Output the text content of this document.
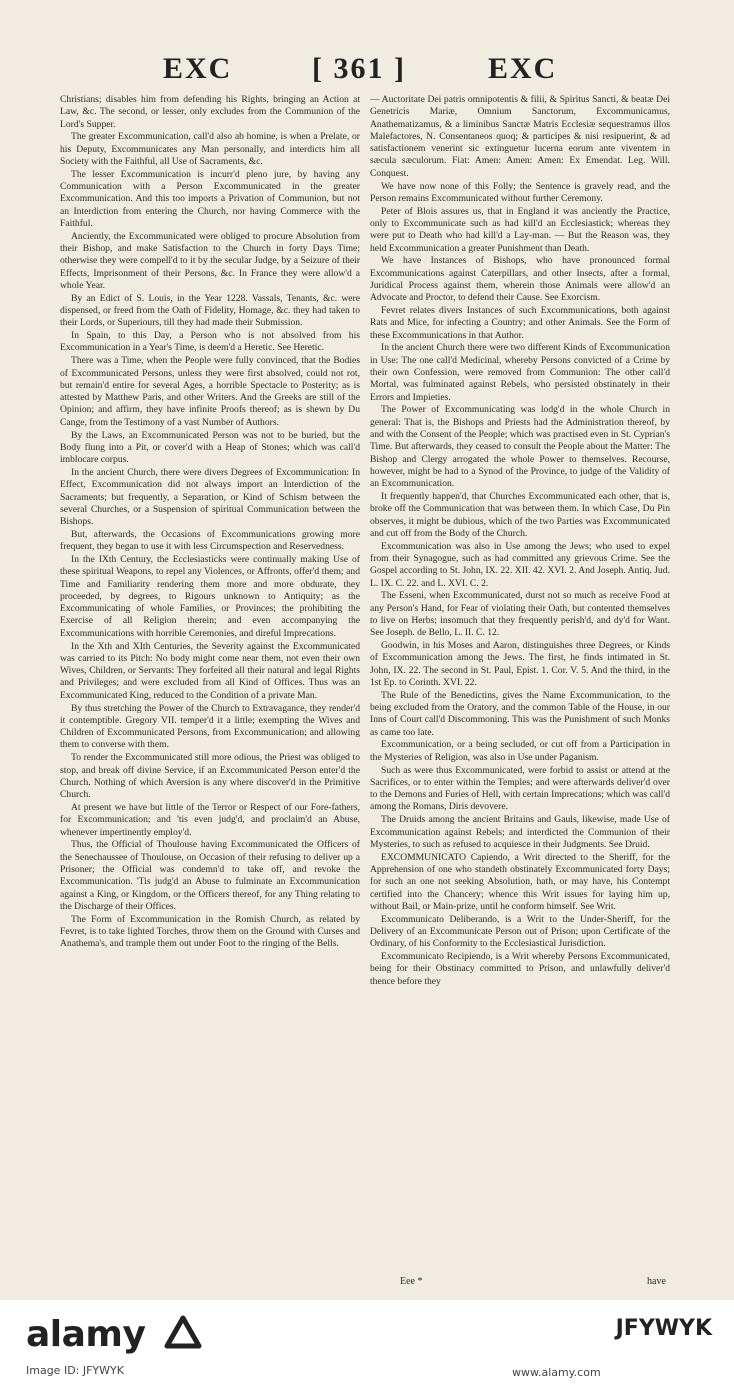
EXC	[ 361 ]	EXC

Christians; disables him from defending his Rights, bringing an Action at Law, &c. The second, or lesser, only excludes from the Communion of the Lord's Supper.

The greater Excommunication, call'd also ab homine, is when a Prelate, or his Deputy, Excommunicates any Man personally, and interdicts him all Society with the Faithful, all Use of Sacraments, &c.

The lesser Excommunication is incurr'd pleno jure, by having any Communication with a Person Excommunicated in the greater Excommunication. And this too imports a Privation of Communion, but not an Interdiction from entering the Church, nor having Commerce with the Faithful.

Anciently, the Excommunicated were obliged to procure Absolution from their Bishop, and make Satisfaction to the Church in forty Days Time; otherwise they were compell'd to it by the secular Judge, by a Seizure of their Effects, Imprisonment of their Persons, &c. In France they were allow'd a whole Year.

By an Edict of S. Louis, in the Year 1228. Vassals, Tenants, &c. were dispensed, or freed from the Oath of Fidelity, Homage, &c. they had taken to their Lords, or Superiours, till they had made their Submission.

In Spain, to this Day, a Person who is not absolved from his Excommunication in a Year's Time, is deem'd a Heretic. See Heretic.

There was a Time, when the People were fully convinced, that the Bodies of Excommunicated Persons, unless they were first absolved, could not rot, but remain'd entire for several Ages, a horrible Spectacle to Posterity; as is attested by Matthew Paris, and other Writers. And the Greeks are still of the Opinion; and affirm, they have infinite Proofs thereof; as is shewn by Du Cange, from the Testimony of a vast Number of Authors.

By the Laws, an Excommunicated Person was not to be buried, but the Body flung into a Pit, or cover'd with a Heap of Stones; which was call'd imblocare corpus.

In the ancient Church, there were divers Degrees of Excommunication: In Effect, Excommunication did not always import an Interdiction of the Sacraments; but frequently, a Separation, or Kind of Schism between the several Churches, or a Suspension of spiritual Communication between the Bishops.

But, afterwards, the Occasions of Excommunications growing more frequent, they began to use it with less Circumspection and Reservedness.

In the IXth Century, the Ecclesiasticks were continually making Use of these spiritual Weapons, to repel any Violences, or Affronts, offer'd them; and Time and Familiarity rendering them more and more obdurate, they proceeded, by degrees, to Rigours unknown to Antiquity; as the Excommunicating of whole Families, or Provinces; the prohibiting the Exercise of all Religion therein; and even accompanying the Excommunications with horrible Ceremonies, and direful Imprecations.

In the Xth and XIth Centuries, the Severity against the Excommunicated was carried to its Pitch: No body might come near them, not even their own Wives, Children, or Servants: They forfeited all their natural and legal Rights and Privileges; and were excluded from all Kind of Offices. Thus was an Excommunicated King, reduced to the Condition of a private Man.

By thus stretching the Power of the Church to Extravagance, they render'd it contemptible. Gregory VII. temper'd it a little; exempting the Wives and Children of Excommunicated Persons, from Excommunication; and allowing them to converse with them.

To render the Excommunicated still more odious, the Priest was obliged to stop, and break off divine Service, if an Excommunicated Person enter'd the Church. Nothing of which Aversion is any where discover'd in the Primitive Church.

At present we have but little of the Terror or Respect of our Fore-fathers, for Excommunication; and 'tis even judg'd, and proclaim'd an Abuse, whenever impertinently employ'd.

Thus, the Official of Thoulouse having Excommunicated the Officers of the Senechaussee of Thoulouse, on Occasion of their refusing to deliver up a Prisoner; the Official was condemn'd to take off, and revoke the Excommunication. 'Tis judg'd an Abuse to fulminate an Excommunication against a King, or Kingdom, or the Officers thereof, for any Thing relating to the Discharge of their Offices.

The Form of Excommunication in the Romish Church, as related by Fevret, is to take lighted Torches, throw them on the Ground with Curses and Anathema's, and trample them out under Foot to the ringing of the Bells.

— Auctoritate Dei patris omnipotentis & filii, & Spiritus Sancti, & beatæ Dei Genetricis Mariæ, Omnium Sanctorum, Excommunicamus, Anathematizamus, & a liminibus Sanctæ Matris Ecclesiæ sequestramus illos Malefactores, N. Consentaneos quoq; & participes & nisi resipuerint, & ad satisfactionem venerint sic extinguetur lucerna eorum ante viventem in sæcula sæculorum. Fiat: Amen: Amen: Amen: Ex Emendat. Leg. Will. Conquest.

We have now none of this Folly; the Sentence is gravely read, and the Person remains Excommunicated without further Ceremony.

Peter of Blois assures us, that in England it was anciently the Practice, only to Excommunicate such as had kill'd an Ecclesiastick; whereas they were put to Death who had kill'd a Lay-man. — But the Reason was, they held Excommunication a greater Punishment than Death.

We have Instances of Bishops, who have pronounced formal Excommunications against Caterpillars, and other Insects, after a formal, Juridical Process against them, wherein those Animals were allow'd an Advocate and Proctor, to defend their Cause. See Exorcism.

Fevret relates divers Instances of such Excommunications, both against Rats and Mice, for infecting a Country; and other Animals. See the Form of these Excommunications in that Author.

In the ancient Church there were two different Kinds of Excommunication in Use: The one call'd Medicinal, whereby Persons convicted of a Crime by their own Confession, were removed from Communion: The other call'd Mortal, was fulminated against Rebels, who persisted obstinately in their Errors and Impieties.

The Power of Excommunicating was lodg'd in the whole Church in general: That is, the Bishops and Priests had the Administration thereof, by and with the Consent of the People; which was practised even in St. Cyprian's Time. But afterwards, they ceased to consult the People about the Matter: The Bishop and Clergy arrogated the whole Power to themselves. Recourse, however, might be had to a Synod of the Province, to judge of the Validity of an Excommunication.

It frequently happen'd, that Churches Excommunicated each other, that is, broke off the Communication that was between them. In which Case, Du Pin observes, it might be dubious, which of the two Parties was Excommunicated and cut off from the Body of the Church.

Excommunication was also in Use among the Jews; who used to expel from their Synagogue, such as had committed any grievous Crime. See the Gospel according to St. John, IX. 22. XII. 42. XVI. 2. And Joseph. Antiq. Jud. L. IX. C. 22. and L. XVI. C. 2.

The Esseni, when Excommunicated, durst not so much as receive Food at any Person's Hand, for Fear of violating their Oath, but contented themselves to live on Herbs; insomuch that they frequently perish'd, and dy'd for Want. See Joseph. de Bello, L. II. C. 12.

Goodwin, in his Moses and Aaron, distinguishes three Degrees, or Kinds of Excommunication among the Jews. The first, he finds intimated in St. John, IX. 22. The second in St. Paul, Epist. 1. Cor. V. 5. And the third, in the 1st Ep. to Corinth. XVI. 22.

The Rule of the Benedictins, gives the Name Excommunication, to the being excluded from the Oratory, and the common Table of the House, in our Inns of Court call'd Discommoning. This was the Punishment of such Monks as came too late.

Excommunication, or a being secluded, or cut off from a Participation in the Mysteries of Religion, was also in Use under Paganism.

Such as were thus Excommunicated, were forbid to assist or attend at the Sacrifices, or to enter within the Temples; and were afterwards deliver'd over to the Demons and Furies of Hell, with certain Imprecations; which was call'd among the Romans, Diris devovere.

The Druids among the ancient Britains and Gauls, likewise, made Use of Excommunication against Rebels; and interdicted the Communion of their Mysteries, to such as refused to acquiesce in their Judgments. See Druid.

EXCOMMUNICATO Capiendo, a Writ directed to the Sheriff, for the Apprehension of one who standeth obstinately Excommunicated forty Days; for such an one not seeking Absolution, hath, or may have, his Contempt certified into the Chancery; whence this Writ issues for laying him up, without Bail, or Main-prize, until he conform himself. See Writ.

Excommunicato Deliberando, is a Writ to the Under-Sheriff, for the Delivery of an Excommunicate Person out of Prison; upon Certificate of the Ordinary, of his Conformity to the Ecclesiastical Jurisdiction.

Excommunicato Recipiendo, is a Writ whereby Persons Excommunicated, being for their Obstinacy committed to Prison, and unlawfully deliver'd thence before they

Eee *	have
alamy
Image ID: JFYWYK	www.alamy.com
JFYWYK
